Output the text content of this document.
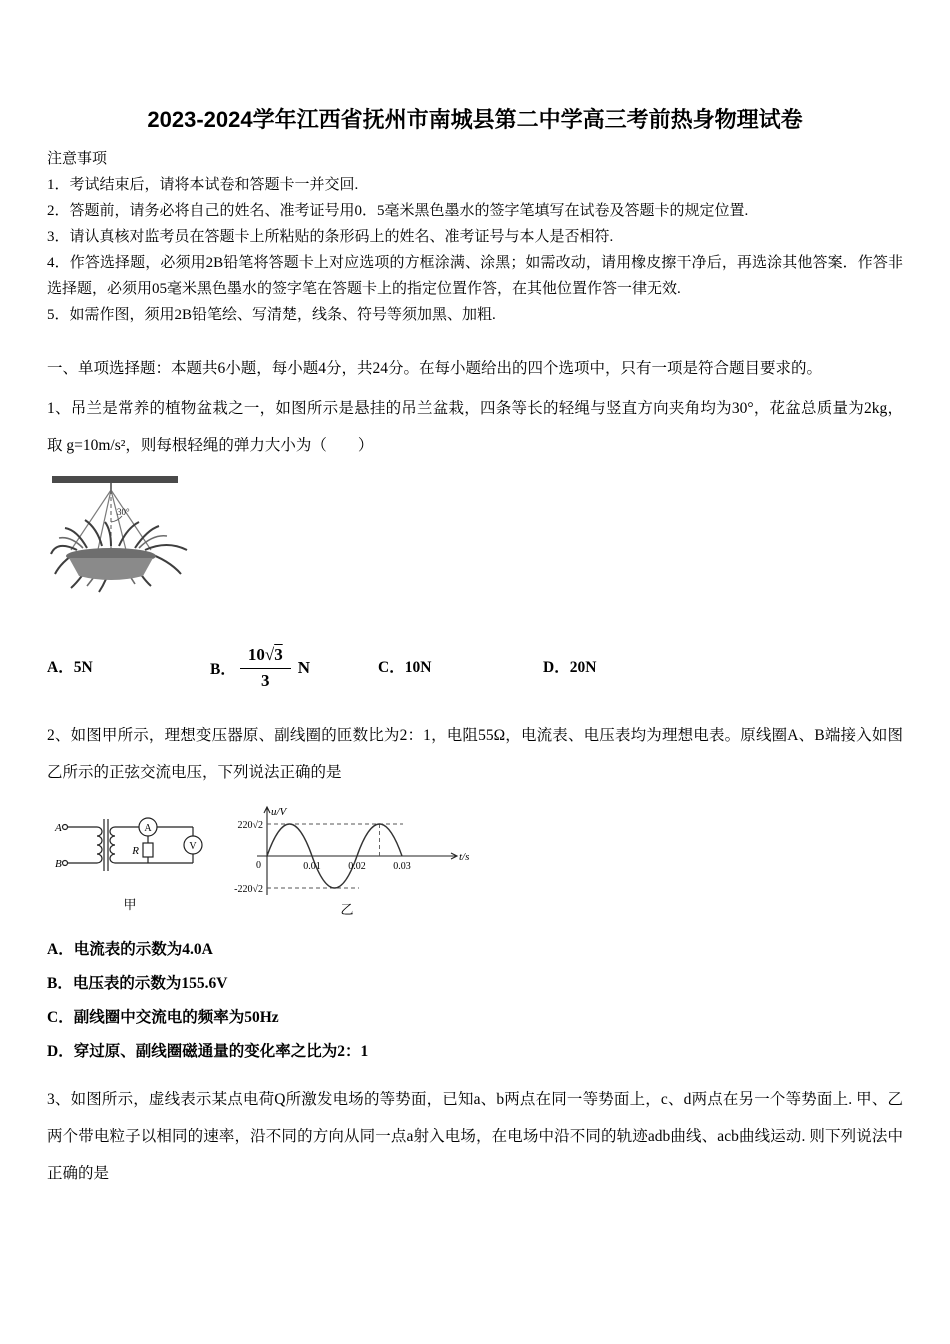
2023-2024学年江西省抚州市南城县第二中学高三考前热身物理试卷
注意事项

1．考试结束后，请将本试卷和答题卡一并交回.

2．答题前，请务必将自己的姓名、准考证号用0．5毫米黑色墨水的签字笔填写在试卷及答题卡的规定位置.

3．请认真核对监考员在答题卡上所粘贴的条形码上的姓名、准考证号与本人是否相符.

4．作答选择题，必须用2B铅笔将答题卡上对应选项的方框涂满、涂黑；如需改动，请用橡皮擦干净后，再选涂其他答案．作答非选择题，必须用05毫米黑色墨水的签字笔在答题卡上的指定位置作答，在其他位置作答一律无效.

5．如需作图，须用2B铅笔绘、写清楚，线条、符号等须加黑、加粗.

一、单项选择题：本题共6小题，每小题4分，共24分。在每小题给出的四个选项中，只有一项是符合题目要求的。

1、吊兰是常养的植物盆栽之一，如图所示是悬挂的吊兰盆栽，四条等长的轻绳与竖直方向夹角均为30°，花盆总质量为2kg，取 g=10m/s²，则每根轻绳的弹力大小为（　　）

30°
A．5N	B． $\frac{10√3}{3}$ N	C．10N	D．20N

2、如图甲所示，理想变压器原、副线圈的匝数比为2：1，电阻55Ω，电流表、电压表均为理想电表。原线圈A、B端接入如图乙所示的正弦交流电压，下列说法正确的是

A
B
A
V
R
甲
u/V
220√2
-220√2
0	0.01	0.02	0.03
t/s
乙

A．电流表的示数为4.0A

B．电压表的示数为155.6V

C．副线圈中交流电的频率为50Hz

D．穿过原、副线圈磁通量的变化率之比为2：1

3、如图所示，虚线表示某点电荷Q所激发电场的等势面，已知a、b两点在同一等势面上，c、d两点在另一个等势面上. 甲、乙两个带电粒子以相同的速率，沿不同的方向从同一点a射入电场，在电场中沿不同的轨迹adb曲线、acb曲线运动. 则下列说法中正确的是
